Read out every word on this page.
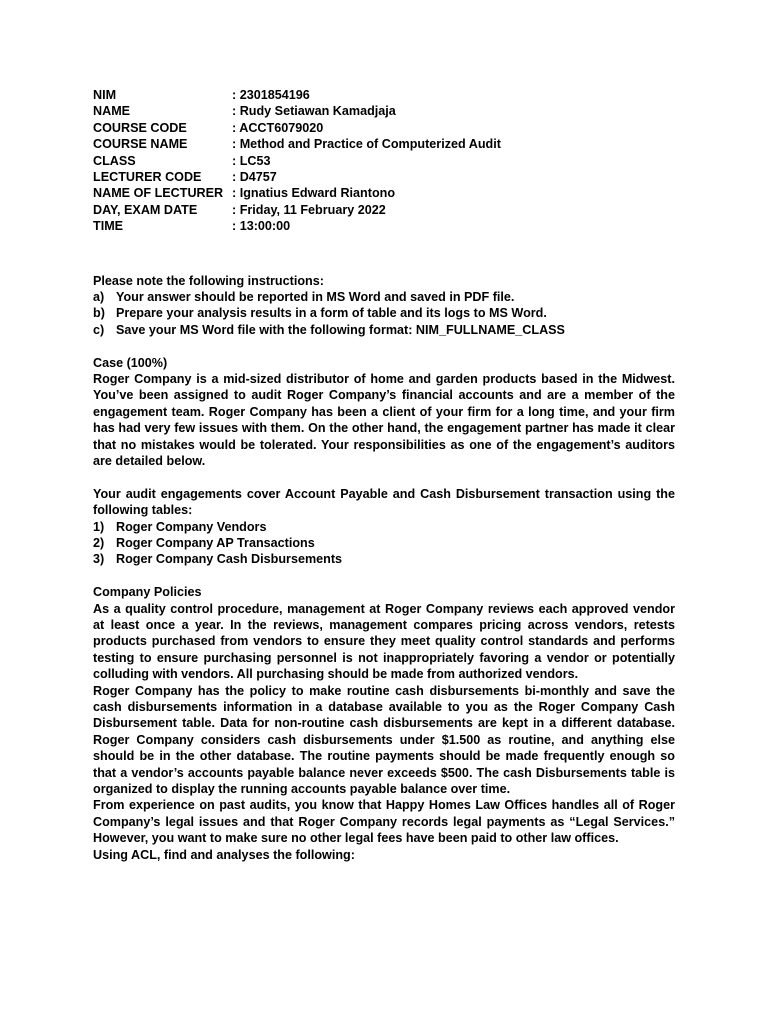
NIM	: 2301854196
NAME	: Rudy Setiawan Kamadjaja
COURSE CODE	: ACCT6079020
COURSE NAME	: Method and Practice of Computerized Audit
CLASS	: LC53
LECTURER CODE	: D4757
NAME OF LECTURER : Ignatius Edward Riantono
DAY, EXAM DATE	: Friday, 11 February 2022
TIME	: 13:00:00
Please note the following instructions:
a) Your answer should be reported in MS Word and saved in PDF file.
b) Prepare your analysis results in a form of table and its logs to MS Word.
c) Save your MS Word file with the following format: NIM_FULLNAME_CLASS
Case (100%)
Roger Company is a mid-sized distributor of home and garden products based in the Midwest. You’ve been assigned to audit Roger Company’s financial accounts and are a member of the engagement team. Roger Company has been a client of your firm for a long time, and your firm has had very few issues with them. On the other hand, the engagement partner has made it clear that no mistakes would be tolerated. Your responsibilities as one of the engagement’s auditors are detailed below.
Your audit engagements cover Account Payable and Cash Disbursement transaction using the following tables:
1) Roger Company Vendors
2) Roger Company AP Transactions
3) Roger Company Cash Disbursements
Company Policies
As a quality control procedure, management at Roger Company reviews each approved vendor at least once a year. In the reviews, management compares pricing across vendors, retests products purchased from vendors to ensure they meet quality control standards and performs testing to ensure purchasing personnel is not inappropriately favoring a vendor or potentially colluding with vendors. All purchasing should be made from authorized vendors.
Roger Company has the policy to make routine cash disbursements bi-monthly and save the cash disbursements information in a database available to you as the Roger Company Cash Disbursement table. Data for non-routine cash disbursements are kept in a different database. Roger Company considers cash disbursements under $1.500 as routine, and anything else should be in the other database. The routine payments should be made frequently enough so that a vendor’s accounts payable balance never exceeds $500. The cash Disbursements table is organized to display the running accounts payable balance over time.
From experience on past audits, you know that Happy Homes Law Offices handles all of Roger Company’s legal issues and that Roger Company records legal payments as “Legal Services.” However, you want to make sure no other legal fees have been paid to other law offices.
Using ACL, find and analyses the following:
